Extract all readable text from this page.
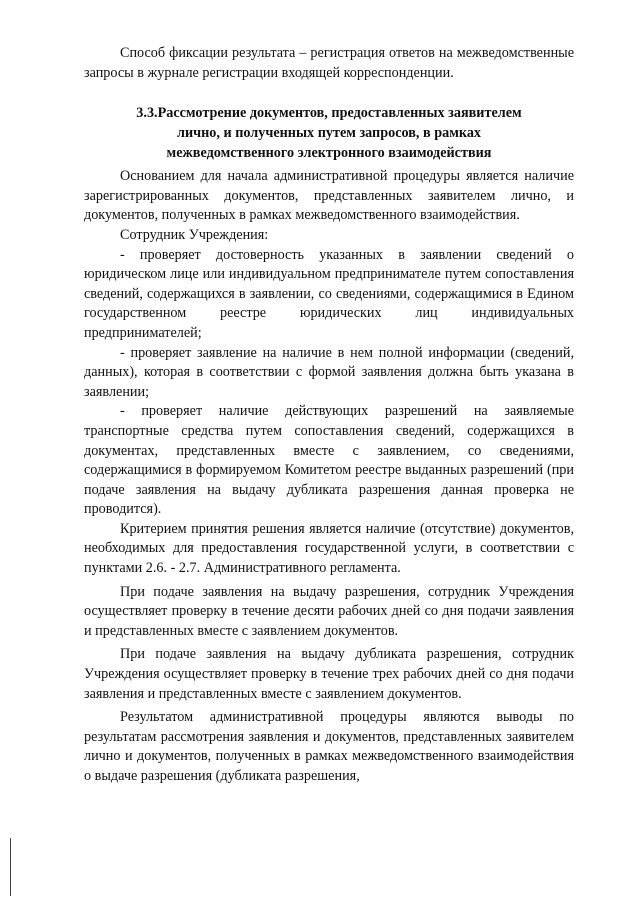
Способ фиксации результата – регистрация ответов на межведомственные запросы в журнале регистрации входящей корреспонденции.

3.3.Рассмотрение документов, предоставленных заявителем
лично, и полученных путем запросов, в рамках
межведомственного электронного взаимодействия

Основанием для начала административной процедуры является наличие зарегистрированных документов, представленных заявителем лично, и документов, полученных в рамках межведомственного взаимодействия.

Сотрудник Учреждения:

- проверяет достоверность указанных в заявлении сведений о юридическом лице или индивидуальном предпринимателе путем сопоставления сведений, содержащихся в заявлении, со сведениями, содержащимися в Едином государственном реестре юридических лиц индивидуальных предпринимателей;

- проверяет заявление на наличие в нем полной информации (сведений, данных), которая в соответствии с формой заявления должна быть указана в заявлении;

- проверяет наличие действующих разрешений на заявляемые транспортные средства путем сопоставления сведений, содержащихся в документах, представленных вместе с заявлением, со сведениями, содержащимися в формируемом Комитетом реестре выданных разрешений (при подаче заявления на выдачу дубликата разрешения данная проверка не проводится).

Критерием принятия решения является наличие (отсутствие) документов, необходимых для предоставления государственной услуги, в соответствии с пунктами 2.6. - 2.7. Административного регламента.

При подаче заявления на выдачу разрешения, сотрудник Учреждения осуществляет проверку в течение десяти рабочих дней со дня подачи заявления и представленных вместе с заявлением документов.

При подаче заявления на выдачу дубликата разрешения, сотрудник Учреждения осуществляет проверку в течение трех рабочих дней со дня подачи заявления и представленных вместе с заявлением документов.

Результатом административной процедуры являются выводы по результатам рассмотрения заявления и документов, представленных заявителем лично и документов, полученных в рамках межведомственного взаимодействия о выдаче разрешения (дубликата разрешения,
